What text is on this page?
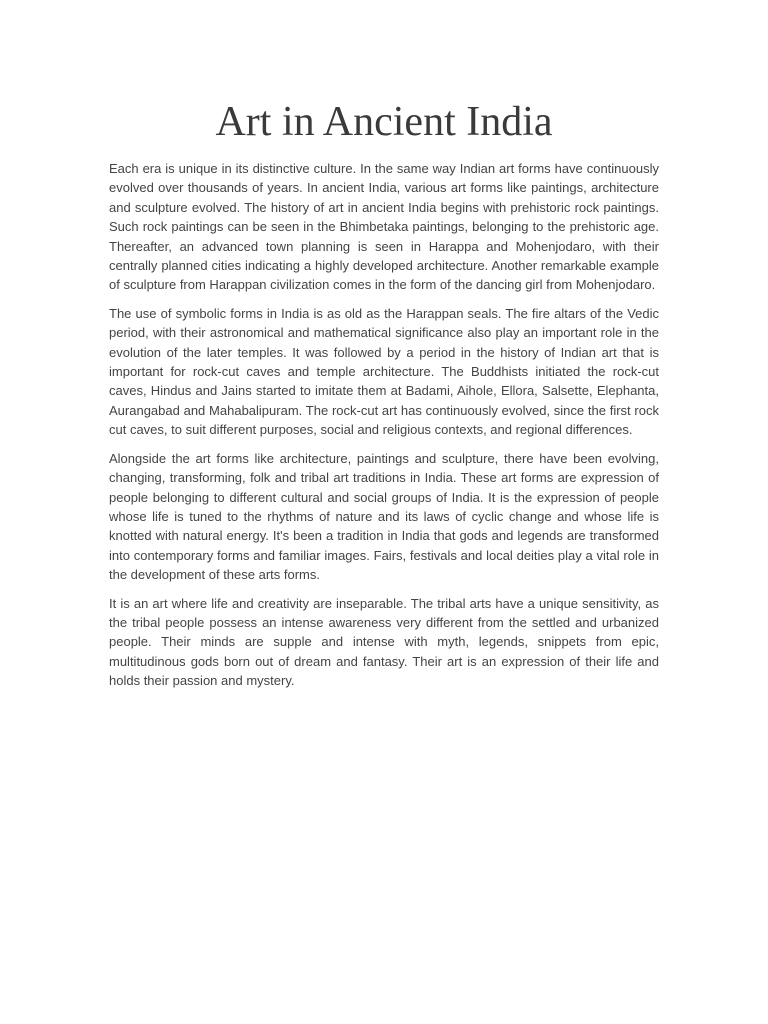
Art in Ancient India

Each era is unique in its distinctive culture. In the same way Indian art forms have continuously evolved over thousands of years. In ancient India, various art forms like paintings, architecture and sculpture evolved. The history of art in ancient India begins with prehistoric rock paintings. Such rock paintings can be seen in the Bhimbetaka paintings, belonging to the prehistoric age. Thereafter, an advanced town planning is seen in Harappa and Mohenjodaro, with their centrally planned cities indicating a highly developed architecture. Another remarkable example of sculpture from Harappan civilization comes in the form of the dancing girl from Mohenjodaro.

The use of symbolic forms in India is as old as the Harappan seals. The fire altars of the Vedic period, with their astronomical and mathematical significance also play an important role in the evolution of the later temples. It was followed by a period in the history of Indian art that is important for rock-cut caves and temple architecture. The Buddhists initiated the rock-cut caves, Hindus and Jains started to imitate them at Badami, Aihole, Ellora, Salsette, Elephanta, Aurangabad and Mahabalipuram. The rock-cut art has continuously evolved, since the first rock cut caves, to suit different purposes, social and religious contexts, and regional differences.

Alongside the art forms like architecture, paintings and sculpture, there have been evolving, changing, transforming, folk and tribal art traditions in India. These art forms are expression of people belonging to different cultural and social groups of India. It is the expression of people whose life is tuned to the rhythms of nature and its laws of cyclic change and whose life is knotted with natural energy. It's been a tradition in India that gods and legends are transformed into contemporary forms and familiar images. Fairs, festivals and local deities play a vital role in the development of these arts forms.

It is an art where life and creativity are inseparable. The tribal arts have a unique sensitivity, as the tribal people possess an intense awareness very different from the settled and urbanized people. Their minds are supple and intense with myth, legends, snippets from epic, multitudinous gods born out of dream and fantasy. Their art is an expression of their life and holds their passion and mystery.
